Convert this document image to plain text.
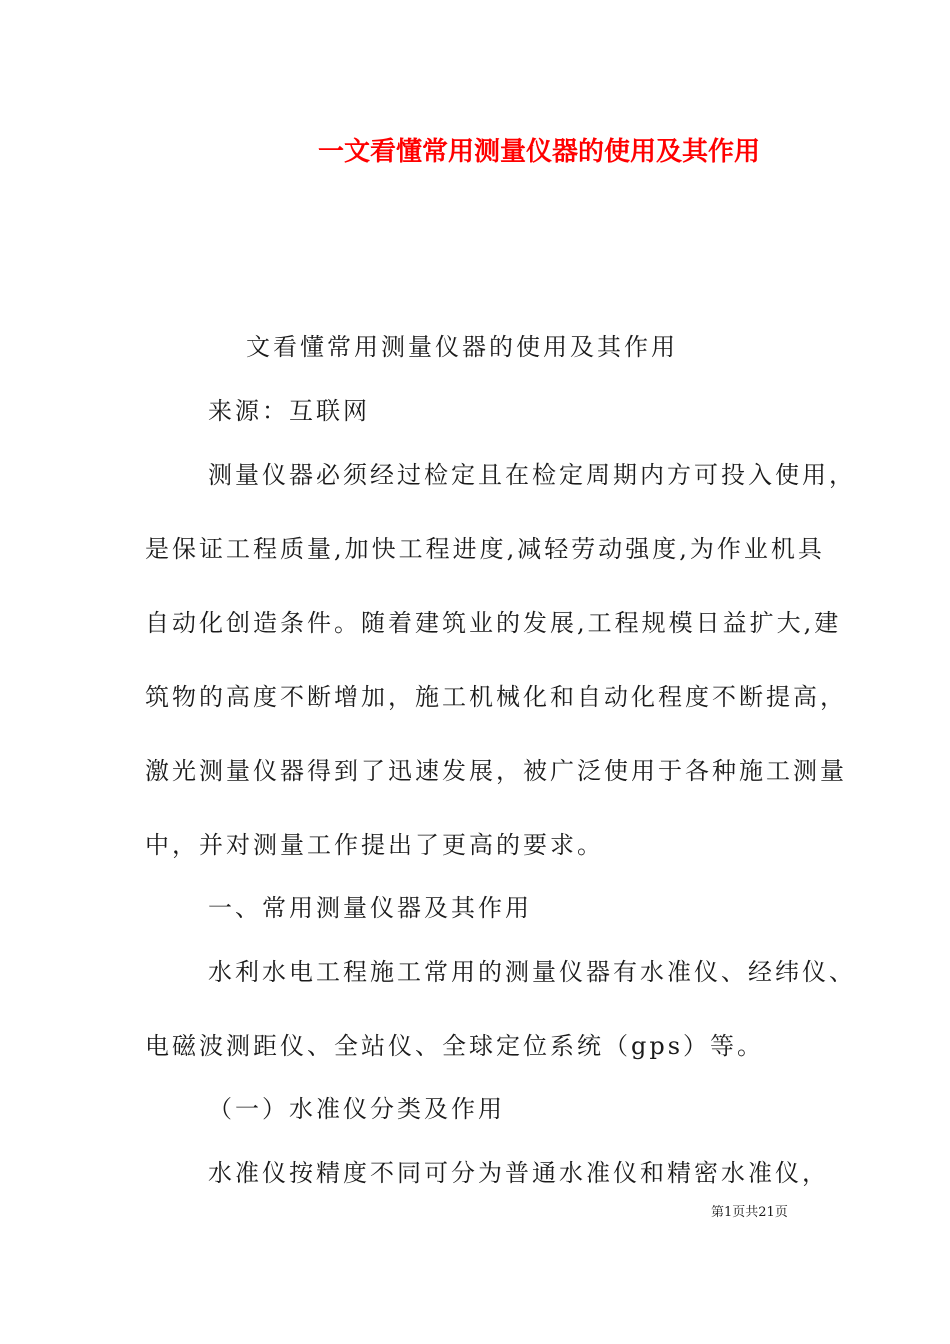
一文看懂常用测量仪器的使用及其作用
文看懂常用测量仪器的使用及其作用
来源：互联网
测量仪器必须经过检定且在检定周期内方可投入使用，
是保证工程质量,加快工程进度,减轻劳动强度,为作业机具
自动化创造条件。随着建筑业的发展,工程规模日益扩大,建
筑物的高度不断增加，施工机械化和自动化程度不断提高，
激光测量仪器得到了迅速发展，被广泛使用于各种施工测量
中，并对测量工作提出了更高的要求。
一、常用测量仪器及其作用
水利水电工程施工常用的测量仪器有水准仪、经纬仪、
电磁波测距仪、全站仪、全球定位系统（gps）等。
（一）水准仪分类及作用
水准仪按精度不同可分为普通水准仪和精密水准仪，
第1页共21页
